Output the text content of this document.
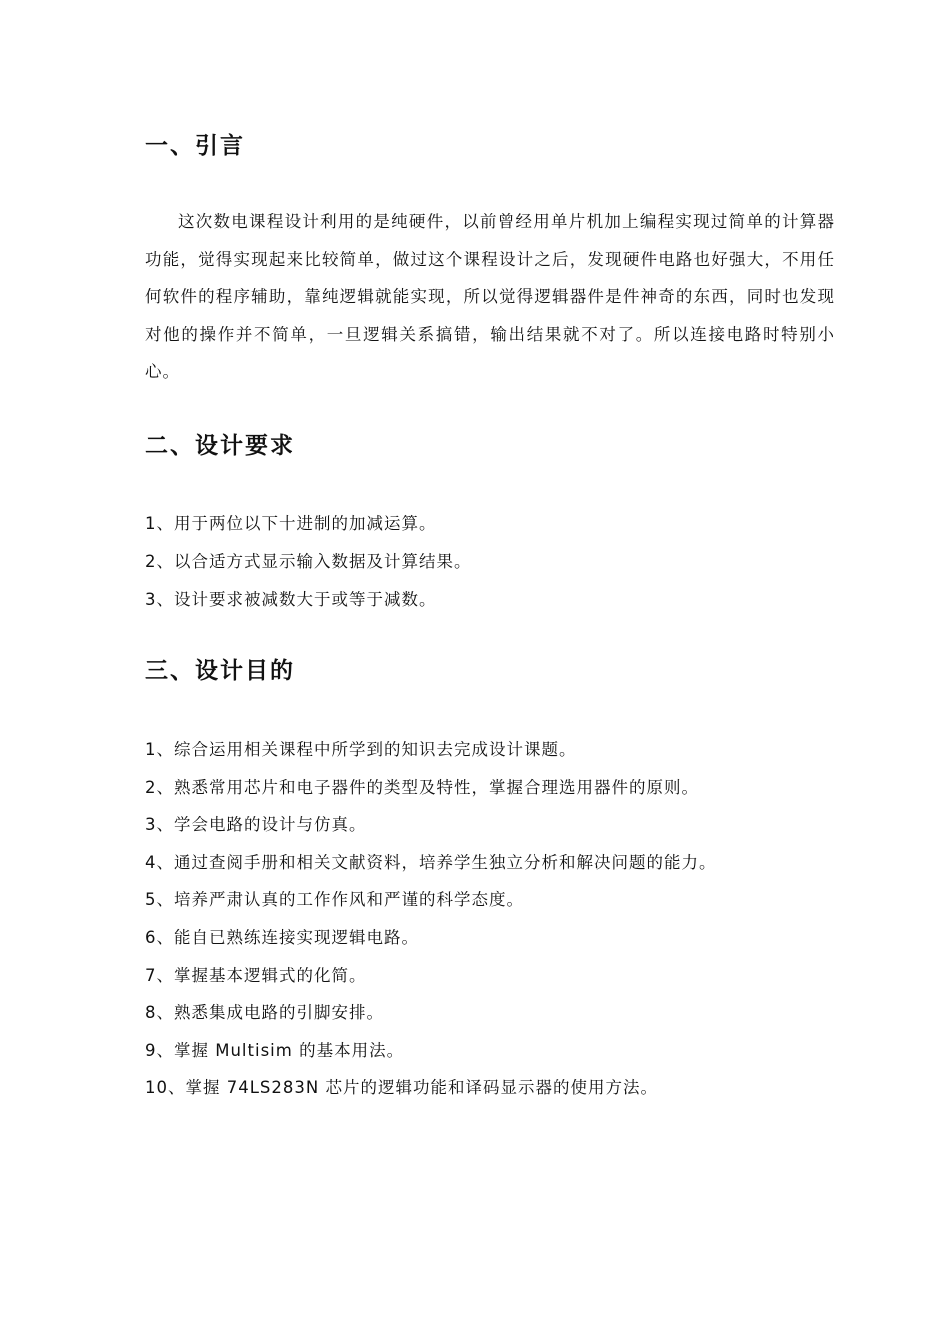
一、引言

这次数电课程设计利用的是纯硬件，以前曾经用单片机加上编程实现过简单的计算器功能，觉得实现起来比较简单，做过这个课程设计之后，发现硬件电路也好强大，不用任何软件的程序辅助，靠纯逻辑就能实现，所以觉得逻辑器件是件神奇的东西，同时也发现对他的操作并不简单，一旦逻辑关系搞错，输出结果就不对了。所以连接电路时特别小心。

二、设计要求
1、用于两位以下十进制的加减运算。
2、以合适方式显示输入数据及计算结果。
3、设计要求被减数大于或等于减数。
三、设计目的
1、综合运用相关课程中所学到的知识去完成设计课题。
2、熟悉常用芯片和电子器件的类型及特性，掌握合理选用器件的原则。
3、学会电路的设计与仿真。
4、通过查阅手册和相关文献资料，培养学生独立分析和解决问题的能力。
5、培养严肃认真的工作作风和严谨的科学态度。
6、能自已熟练连接实现逻辑电路。
7、掌握基本逻辑式的化简。
8、熟悉集成电路的引脚安排。
9、掌握 Multisim 的基本用法。
10、掌握 74LS283N 芯片的逻辑功能和译码显示器的使用方法。
